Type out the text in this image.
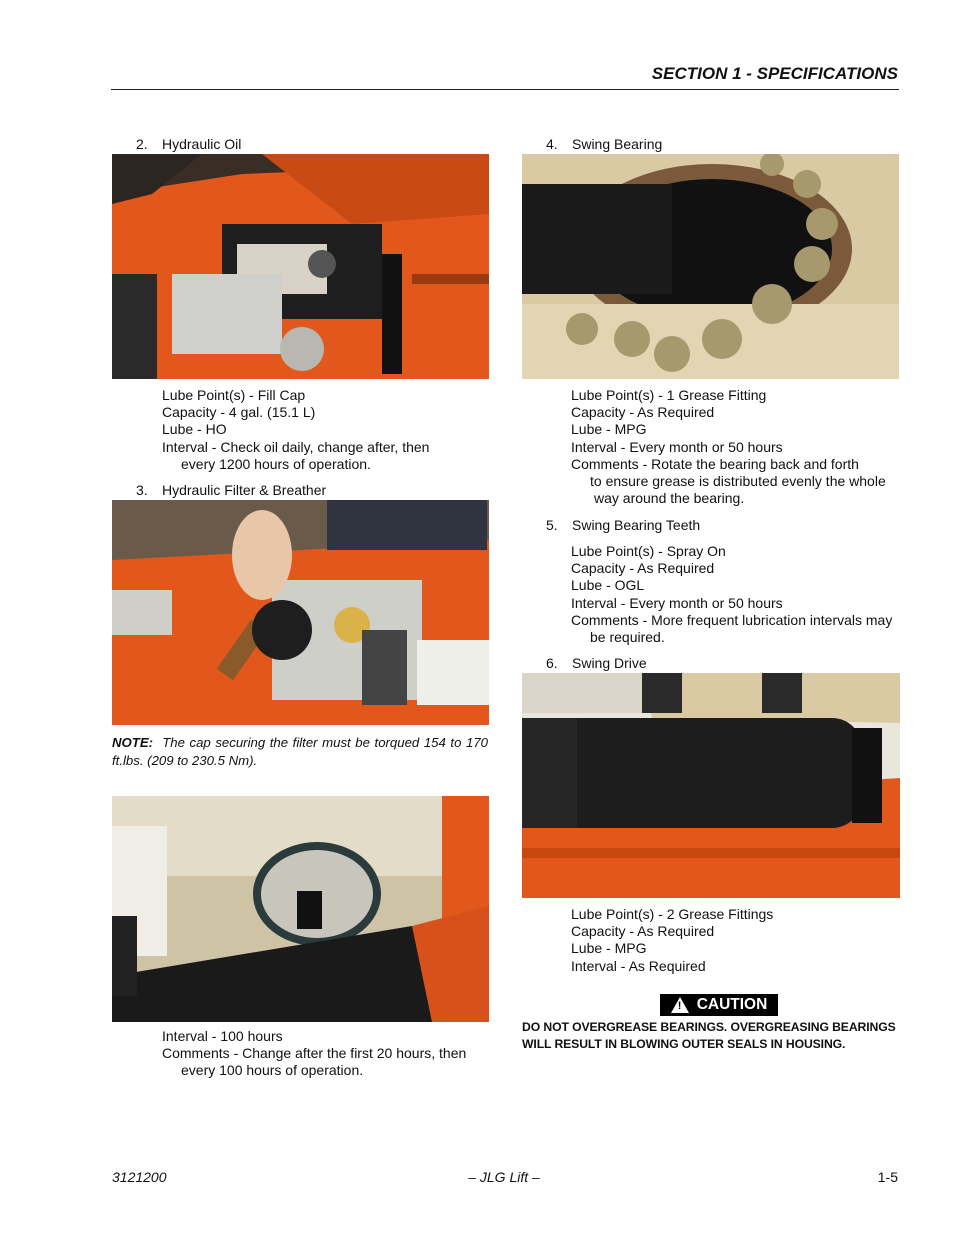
SECTION 1 - SPECIFICATIONS
2. Hydraulic Oil
Lube Point(s) - Fill Cap
Capacity - 4 gal. (15.1 L)
Lube - HO
Interval - Check oil daily, change after, then
every 1200 hours of operation.
3. Hydraulic Filter & Breather
NOTE: The cap securing the filter must be torqued 154 to 170 ft.lbs. (209 to 230.5 Nm).
Interval - 100 hours
Comments - Change after the first 20 hours, then
every 100 hours of operation.
4. Swing Bearing
Lube Point(s) - 1 Grease Fitting
Capacity - As Required
Lube - MPG
Interval - Every month or 50 hours
Comments - Rotate the bearing back and forth
to ensure grease is distributed evenly the whole
way around the bearing.
5. Swing Bearing Teeth
Lube Point(s) - Spray On
Capacity - As Required
Lube - OGL
Interval - Every month or 50 hours
Comments - More frequent lubrication intervals may
be required.
6. Swing Drive
Lube Point(s) - 2 Grease Fittings
Capacity - As Required
Lube - MPG
Interval - As Required
! CAUTION
DO NOT OVERGREASE BEARINGS. OVERGREASING BEARINGS WILL RESULT IN BLOWING OUTER SEALS IN HOUSING.
3121200	– JLG Lift –	1-5
